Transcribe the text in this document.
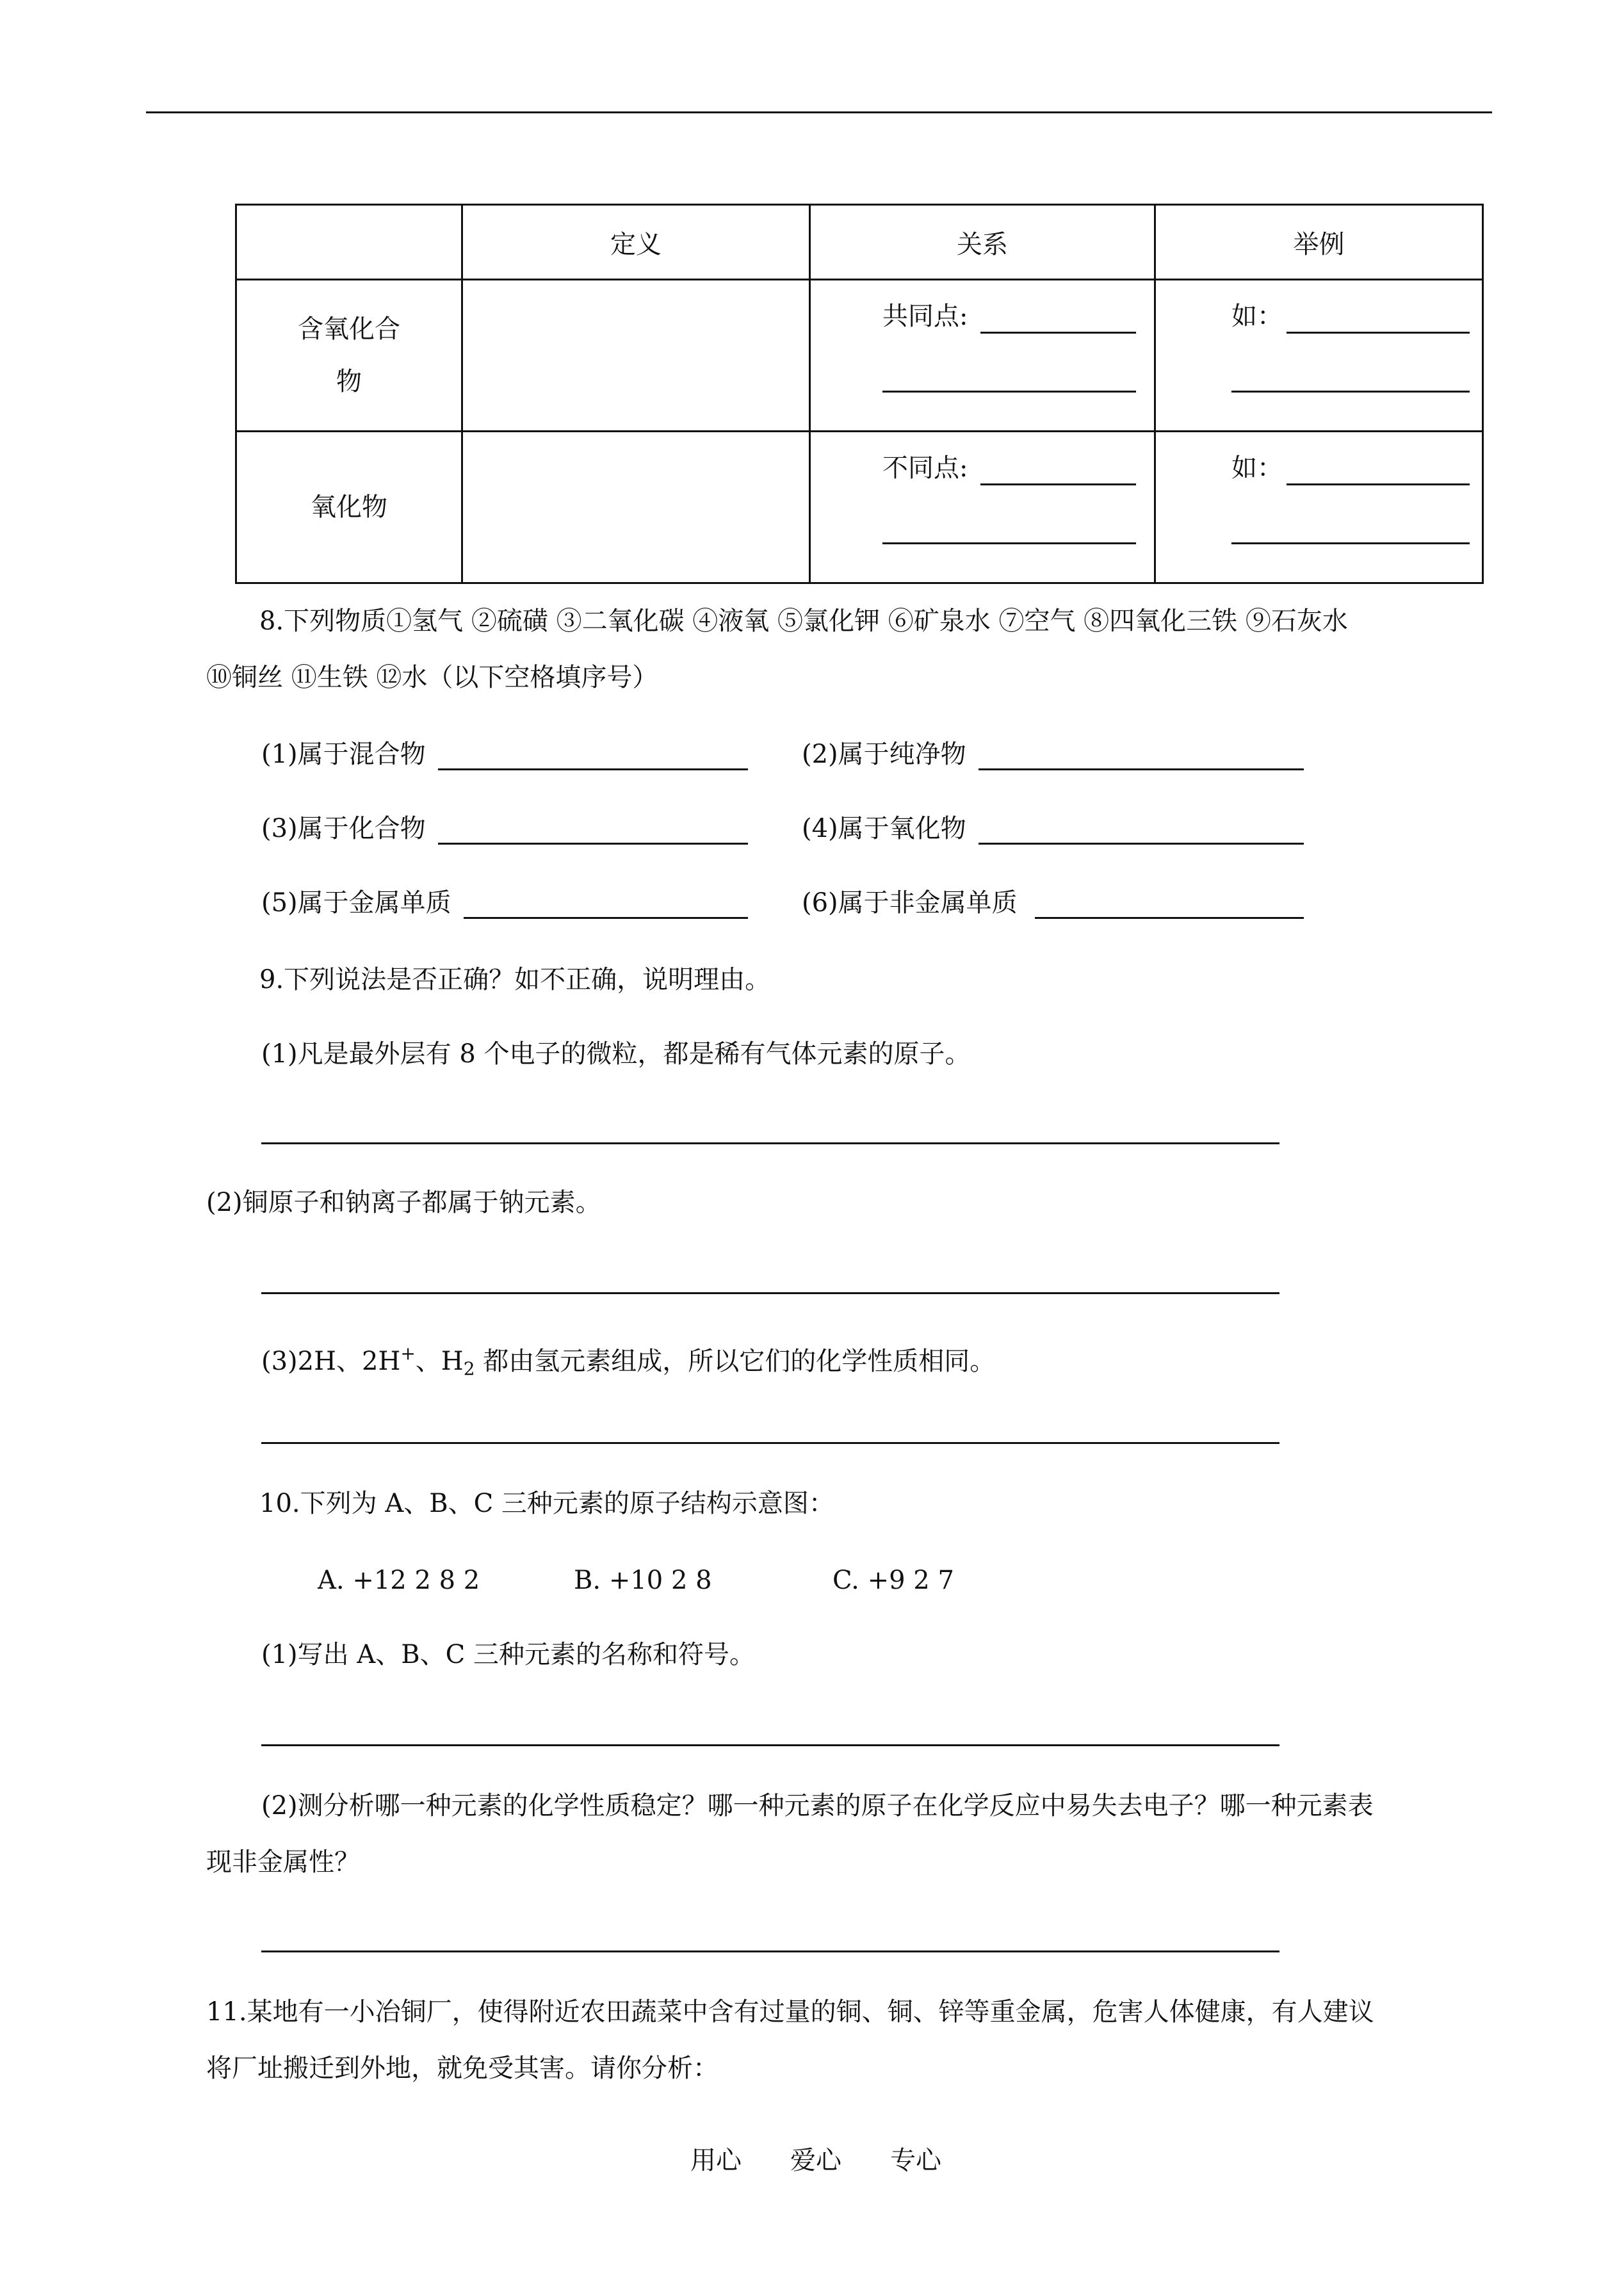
	定义	关系	举例

含氧化合
物		共同点:	如：

氧化物		不同点:	如：
8.下列物质①氢气 ②硫磺 ③二氧化碳 ④液氧 ⑤氯化钾 ⑥矿泉水 ⑦空气 ⑧四氧化三铁 ⑨石灰水
⑩铜丝 ⑪生铁 ⑫水（以下空格填序号）
(1)属于混合物	(2)属于纯净物
(3)属于化合物	(4)属于氧化物
(5)属于金属单质	(6)属于非金属单质
9.下列说法是否正确？如不正确，说明理由。
(1)凡是最外层有 8 个电子的微粒，都是稀有气体元素的原子。
(2)铜原子和钠离子都属于钠元素。
(3)2H、2H+、$H_2$ 都由氢元素组成，所以它们的化学性质相同。
10.下列为 A、B、C 三种元素的原子结构示意图：
A. +12 2 8 2	B. +10 2 8	C. +9 2 7
(1)写出 A、B、C 三种元素的名称和符号。
(2)测分析哪一种元素的化学性质稳定？哪一种元素的原子在化学反应中易失去电子？哪一种元素表
现非金属性？
11.某地有一小冶铜厂，使得附近农田蔬菜中含有过量的铜、铜、锌等重金属，危害人体健康，有人建议
将厂址搬迁到外地，就免受其害。请你分析：
用心 爱心 专心
